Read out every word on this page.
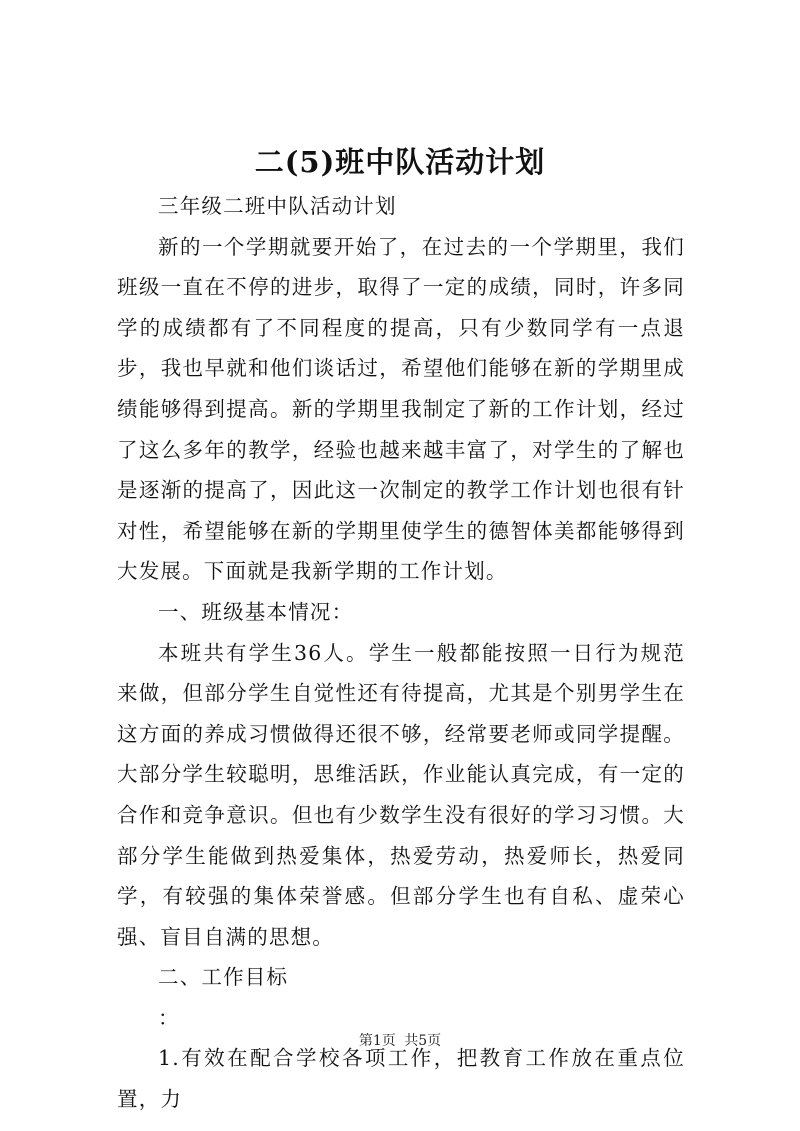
二(5)班中队活动计划

三年级二班中队活动计划

新的一个学期就要开始了，在过去的一个学期里，我们班级一直在不停的进步，取得了一定的成绩，同时，许多同学的成绩都有了不同程度的提高，只有少数同学有一点退步，我也早就和他们谈话过，希望他们能够在新的学期里成绩能够得到提高。新的学期里我制定了新的工作计划，经过了这么多年的教学，经验也越来越丰富了，对学生的了解也是逐渐的提高了，因此这一次制定的教学工作计划也很有针对性，希望能够在新的学期里使学生的德智体美都能够得到大发展。下面就是我新学期的工作计划。

一、班级基本情况：

本班共有学生36人。学生一般都能按照一日行为规范来做，但部分学生自觉性还有待提高，尤其是个别男学生在这方面的养成习惯做得还很不够，经常要老师或同学提醒。大部分学生较聪明，思维活跃，作业能认真完成，有一定的合作和竞争意识。但也有少数学生没有很好的学习习惯。大部分学生能做到热爱集体，热爱劳动，热爱师长，热爱同学，有较强的集体荣誉感。但部分学生也有自私、虚荣心强、盲目自满的思想。

二、工作目标

：

1.有效在配合学校各项工作，把教育工作放在重点位置，力

第1页 共5页
